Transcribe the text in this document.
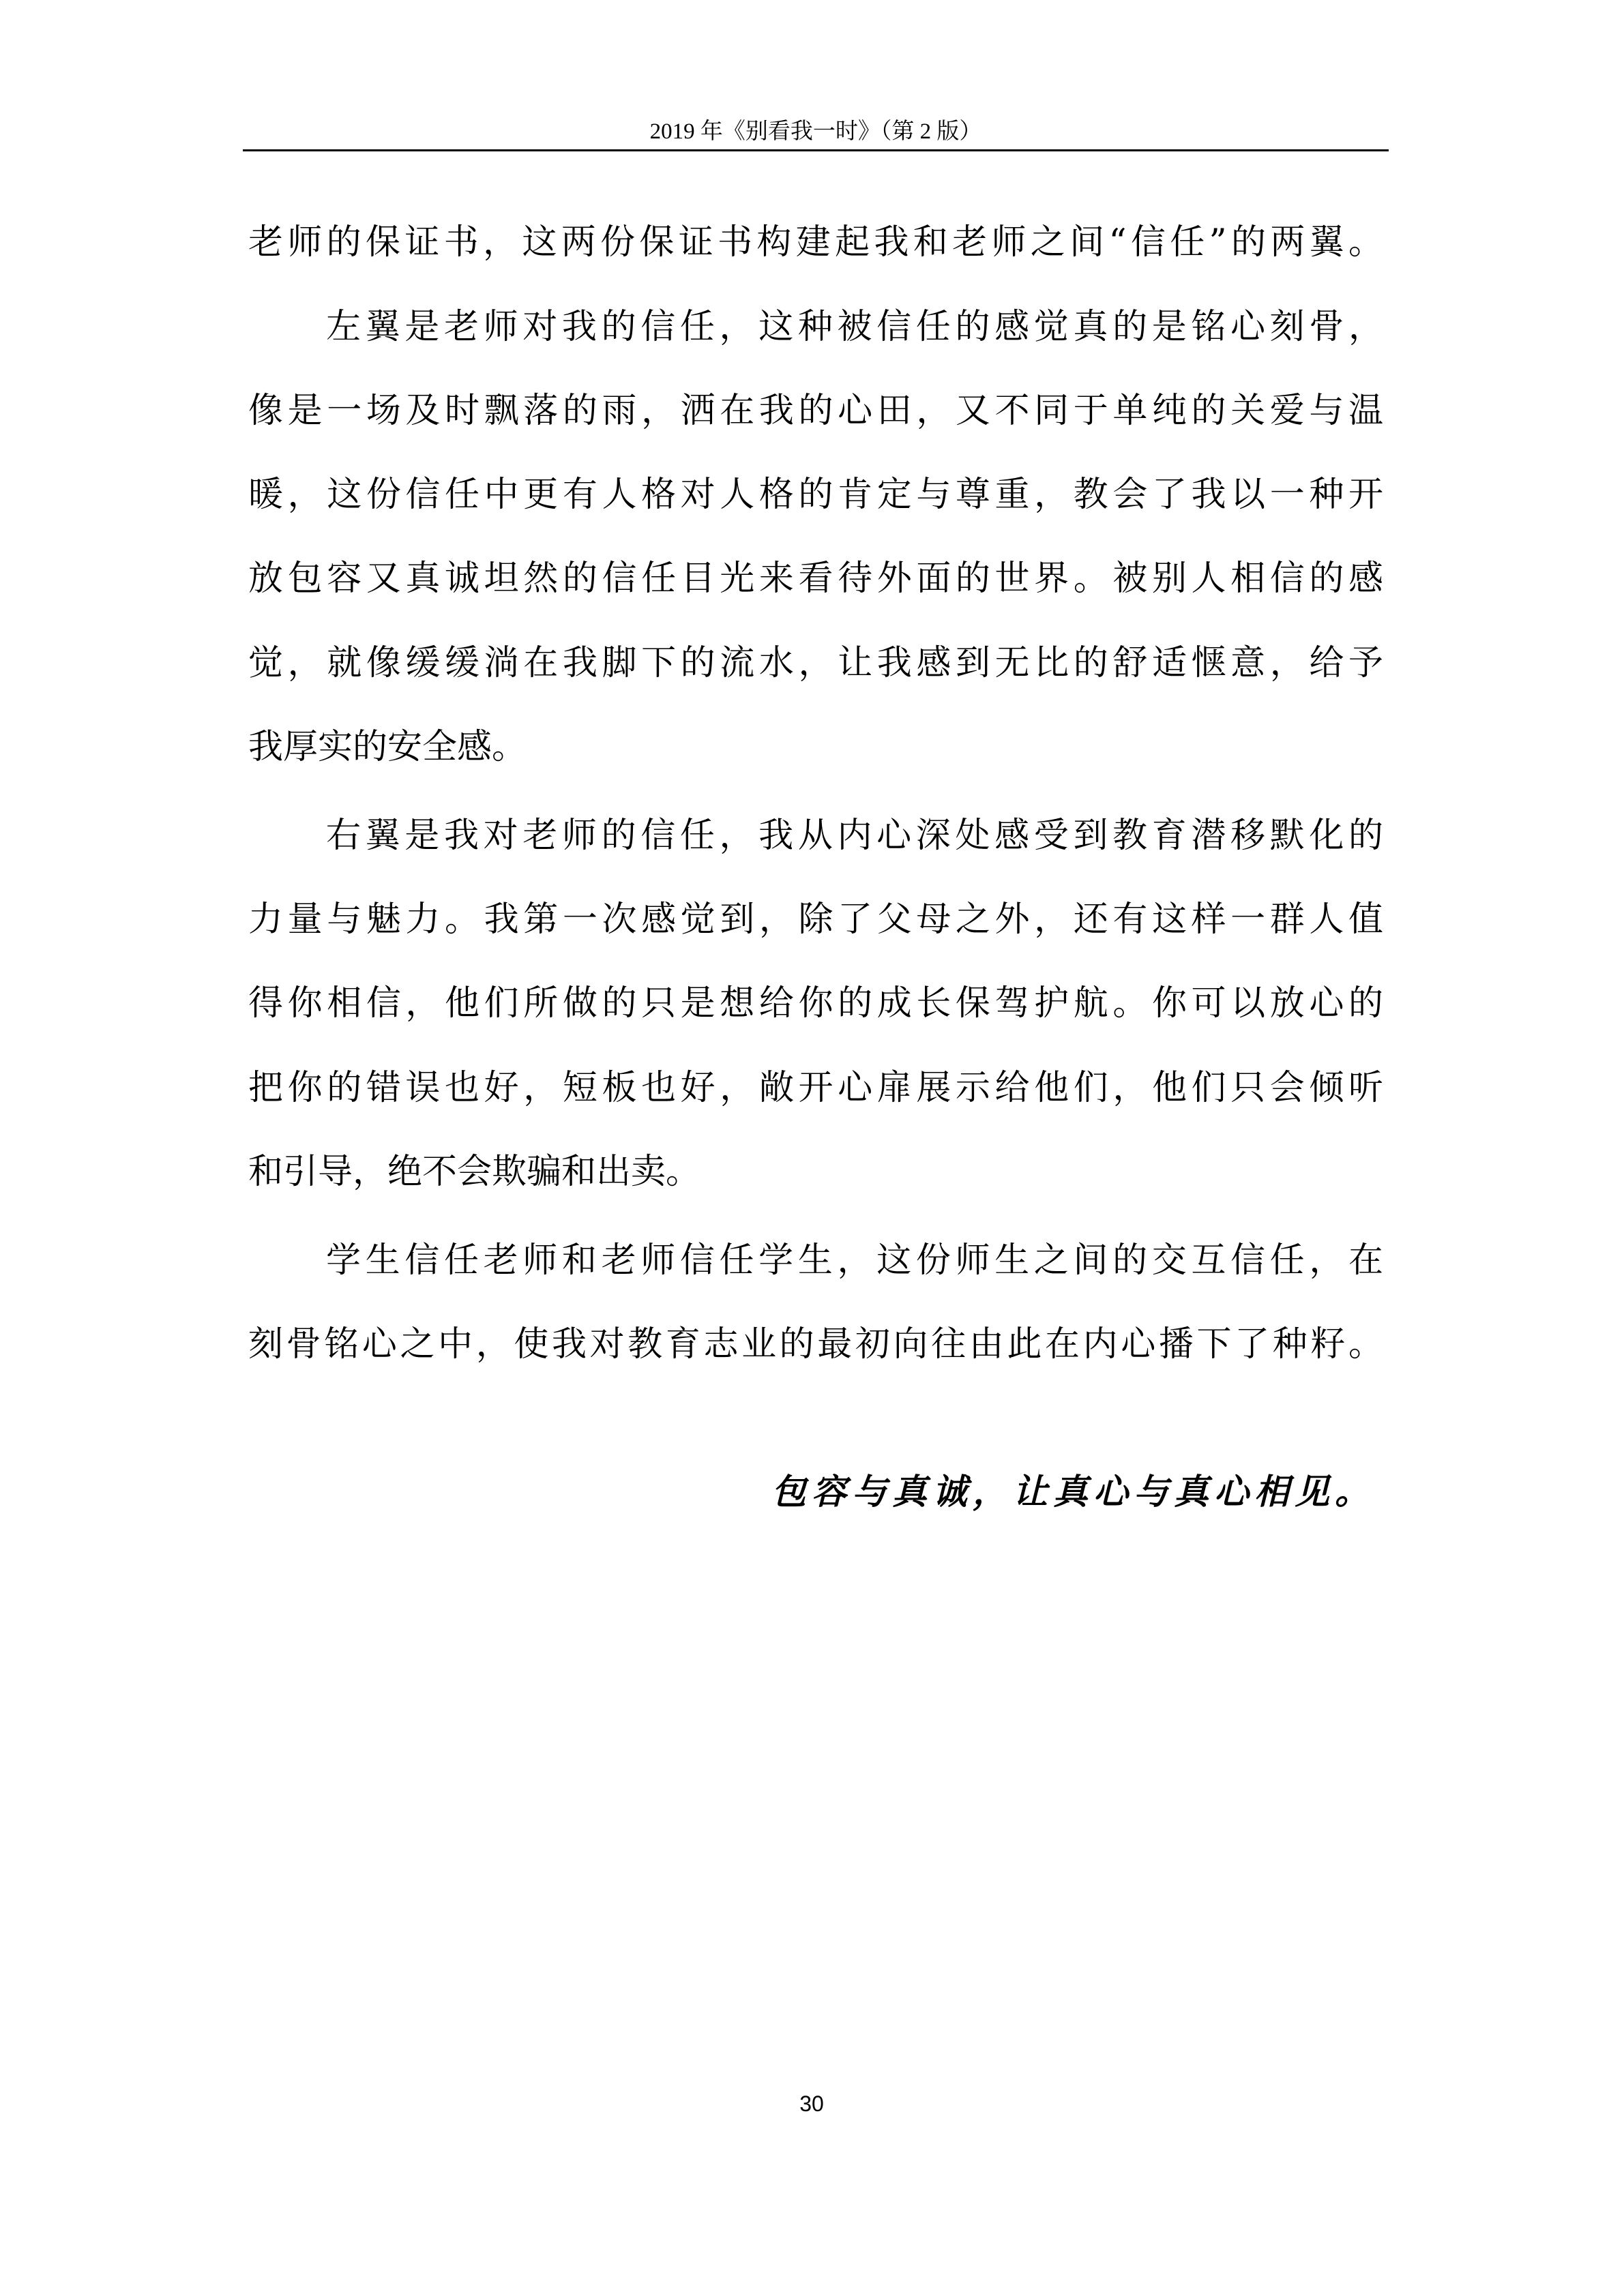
2019 年《别看我一时》（第 2 版）
老师的保证书，这两份保证书构建起我和老师之间“信任”的两翼。
左翼是老师对我的信任，这种被信任的感觉真的是铭心刻骨，
像是一场及时飘落的雨，洒在我的心田，又不同于单纯的关爱与温
暖，这份信任中更有人格对人格的肯定与尊重，教会了我以一种开
放包容又真诚坦然的信任目光来看待外面的世界。被别人相信的感
觉，就像缓缓淌在我脚下的流水，让我感到无比的舒适惬意，给予
我厚实的安全感。
右翼是我对老师的信任，我从内心深处感受到教育潜移默化的
力量与魅力。我第一次感觉到，除了父母之外，还有这样一群人值
得你相信，他们所做的只是想给你的成长保驾护航。你可以放心的
把你的错误也好，短板也好，敞开心扉展示给他们，他们只会倾听
和引导，绝不会欺骗和出卖。
学生信任老师和老师信任学生，这份师生之间的交互信任，在
刻骨铭心之中，使我对教育志业的最初向往由此在内心播下了种籽。
包容与真诚，让真心与真心相见。
30
